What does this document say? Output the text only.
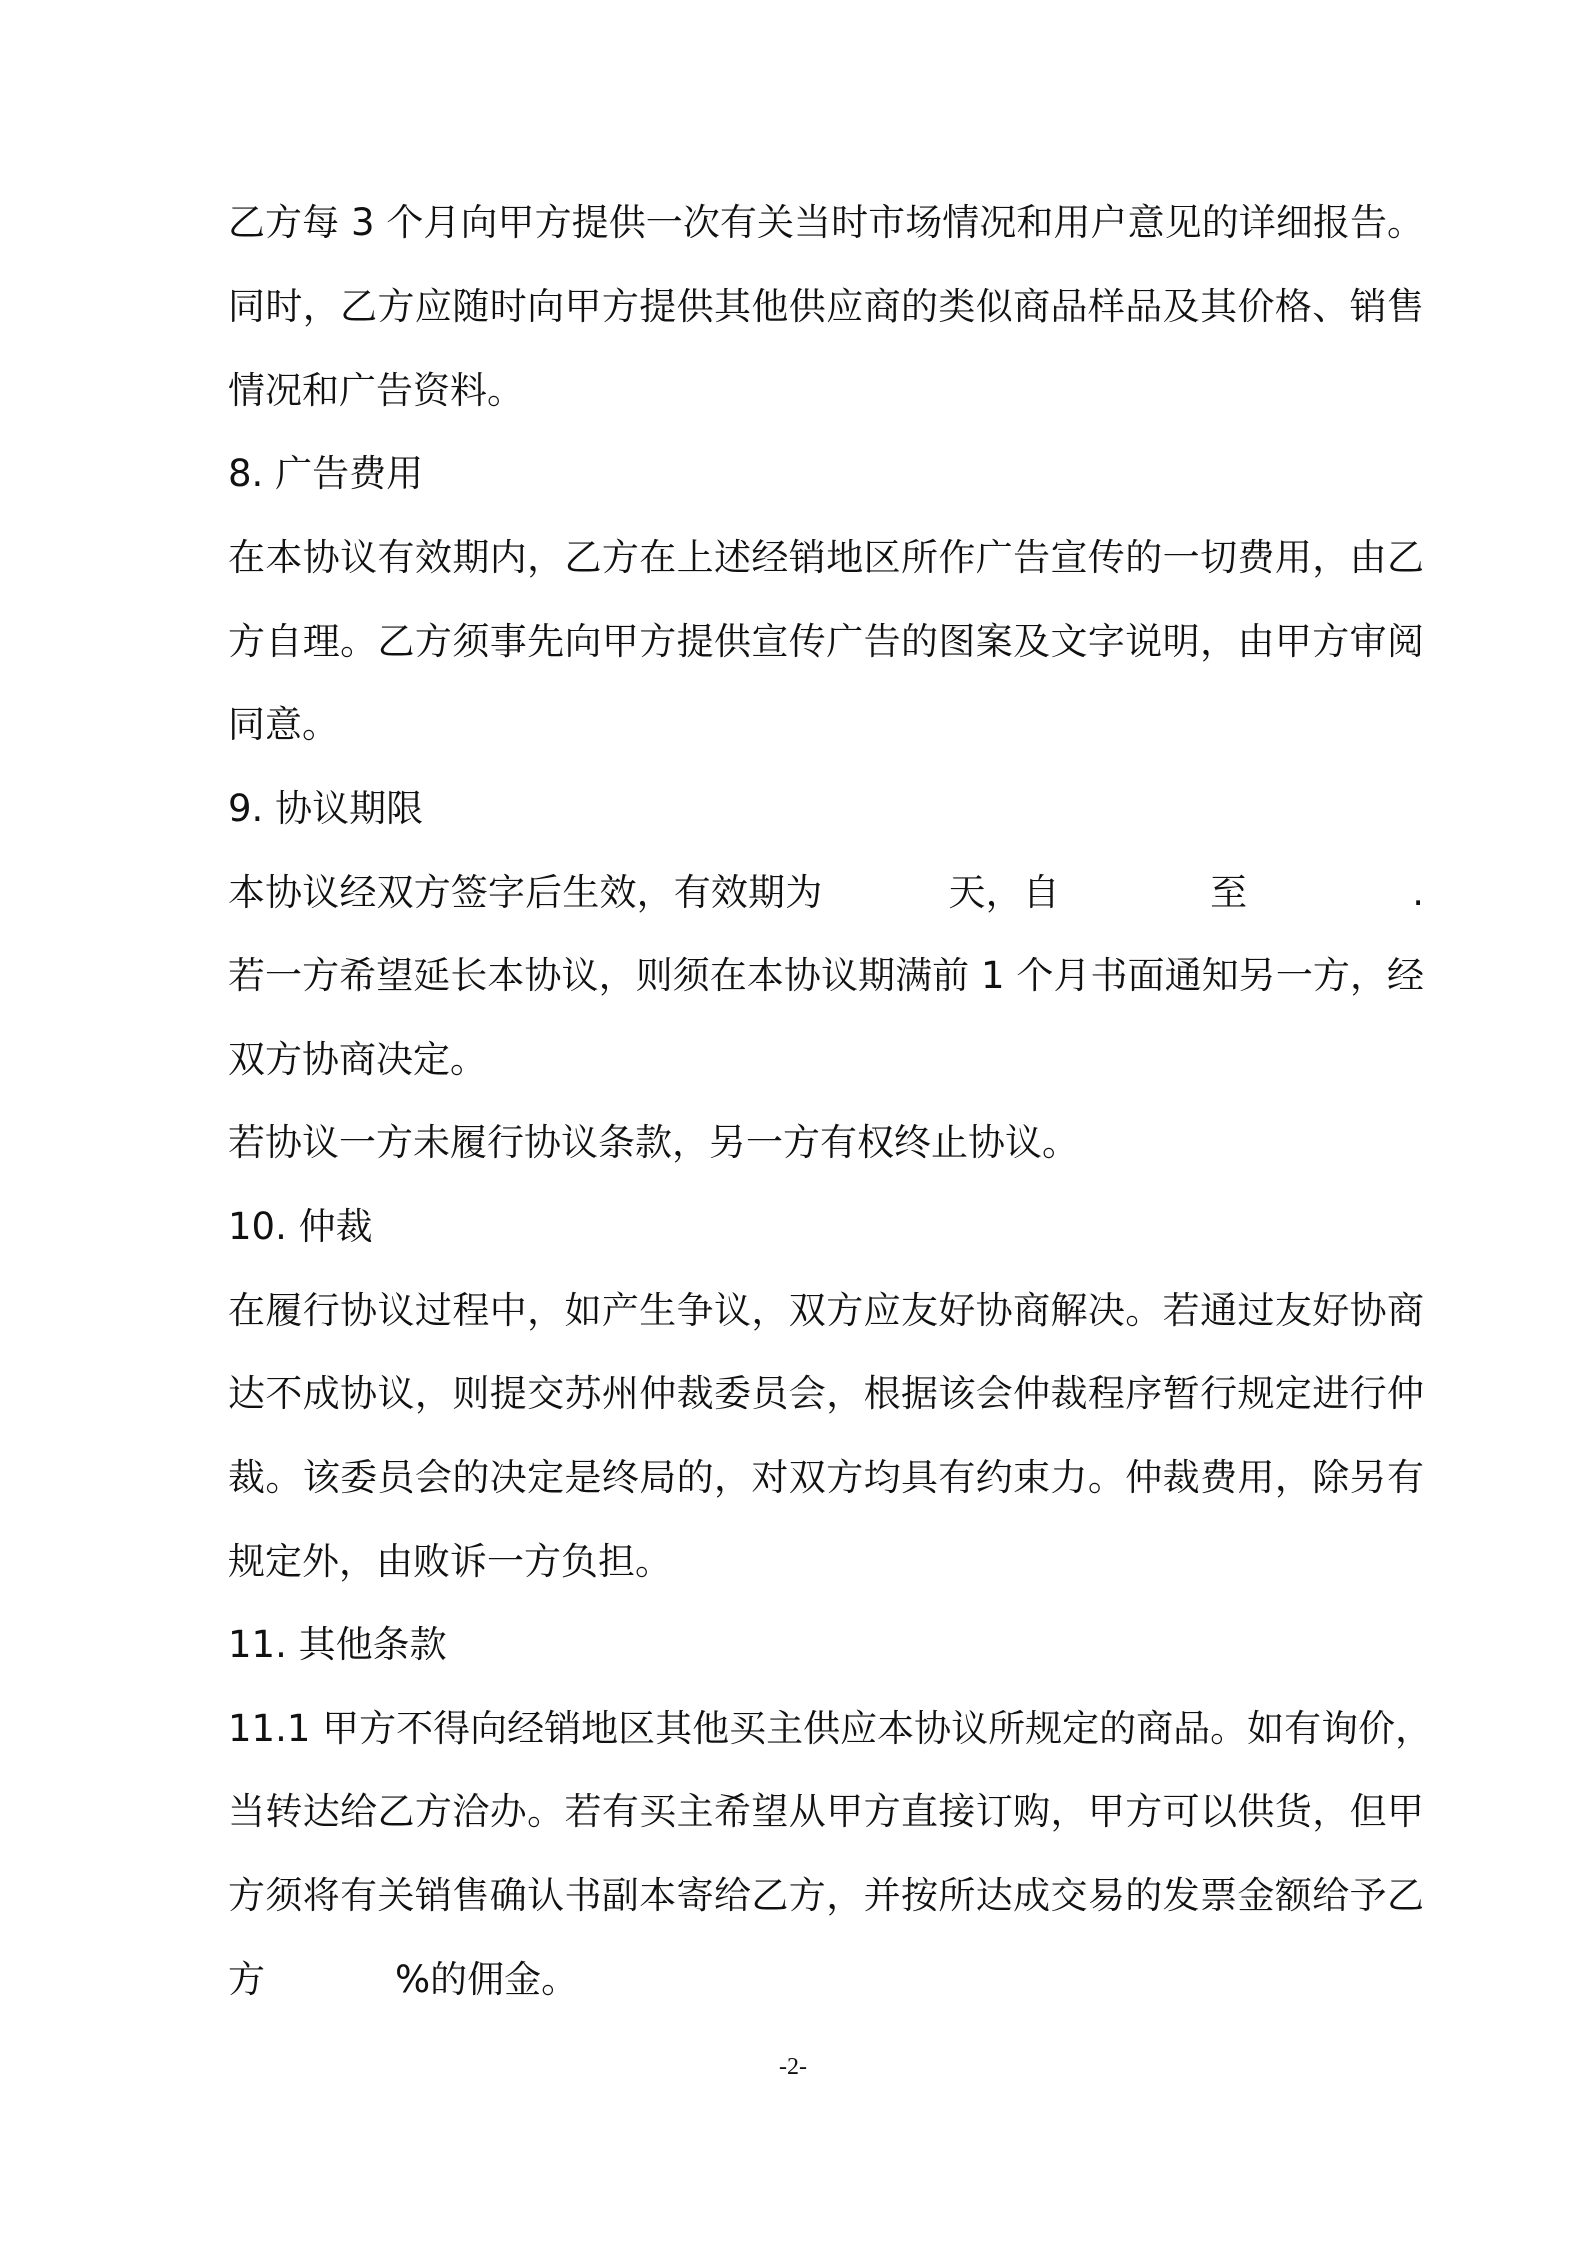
乙方每 3 个月向甲方提供一次有关当时市场情况和用户意见的详细报告。
同时，乙方应随时向甲方提供其他供应商的类似商品样品及其价格、销售
情况和广告资料。
8. 广告费用
在本协议有效期内，乙方在上述经销地区所作广告宣传的一切费用，由乙
方自理。乙方须事先向甲方提供宣传广告的图案及文字说明，由甲方审阅
同意。
9. 协议期限
本协议经双方签字后生效，有效期为	天，自	至	.
若一方希望延长本协议，则须在本协议期满前 1 个月书面通知另一方，经
双方协商决定。
若协议一方未履行协议条款，另一方有权终止协议。
10. 仲裁
在履行协议过程中，如产生争议，双方应友好协商解决。若通过友好协商
达不成协议，则提交苏州仲裁委员会，根据该会仲裁程序暂行规定进行仲
裁。该委员会的决定是终局的，对双方均具有约束力。仲裁费用，除另有
规定外，由败诉一方负担。
11. 其他条款
11.1 甲方不得向经销地区其他买主供应本协议所规定的商品。如有询价，
当转达给乙方洽办。若有买主希望从甲方直接订购，甲方可以供货，但甲
方须将有关销售确认书副本寄给乙方，并按所达成交易的发票金额给予乙
方	%的佣金。
-2-
